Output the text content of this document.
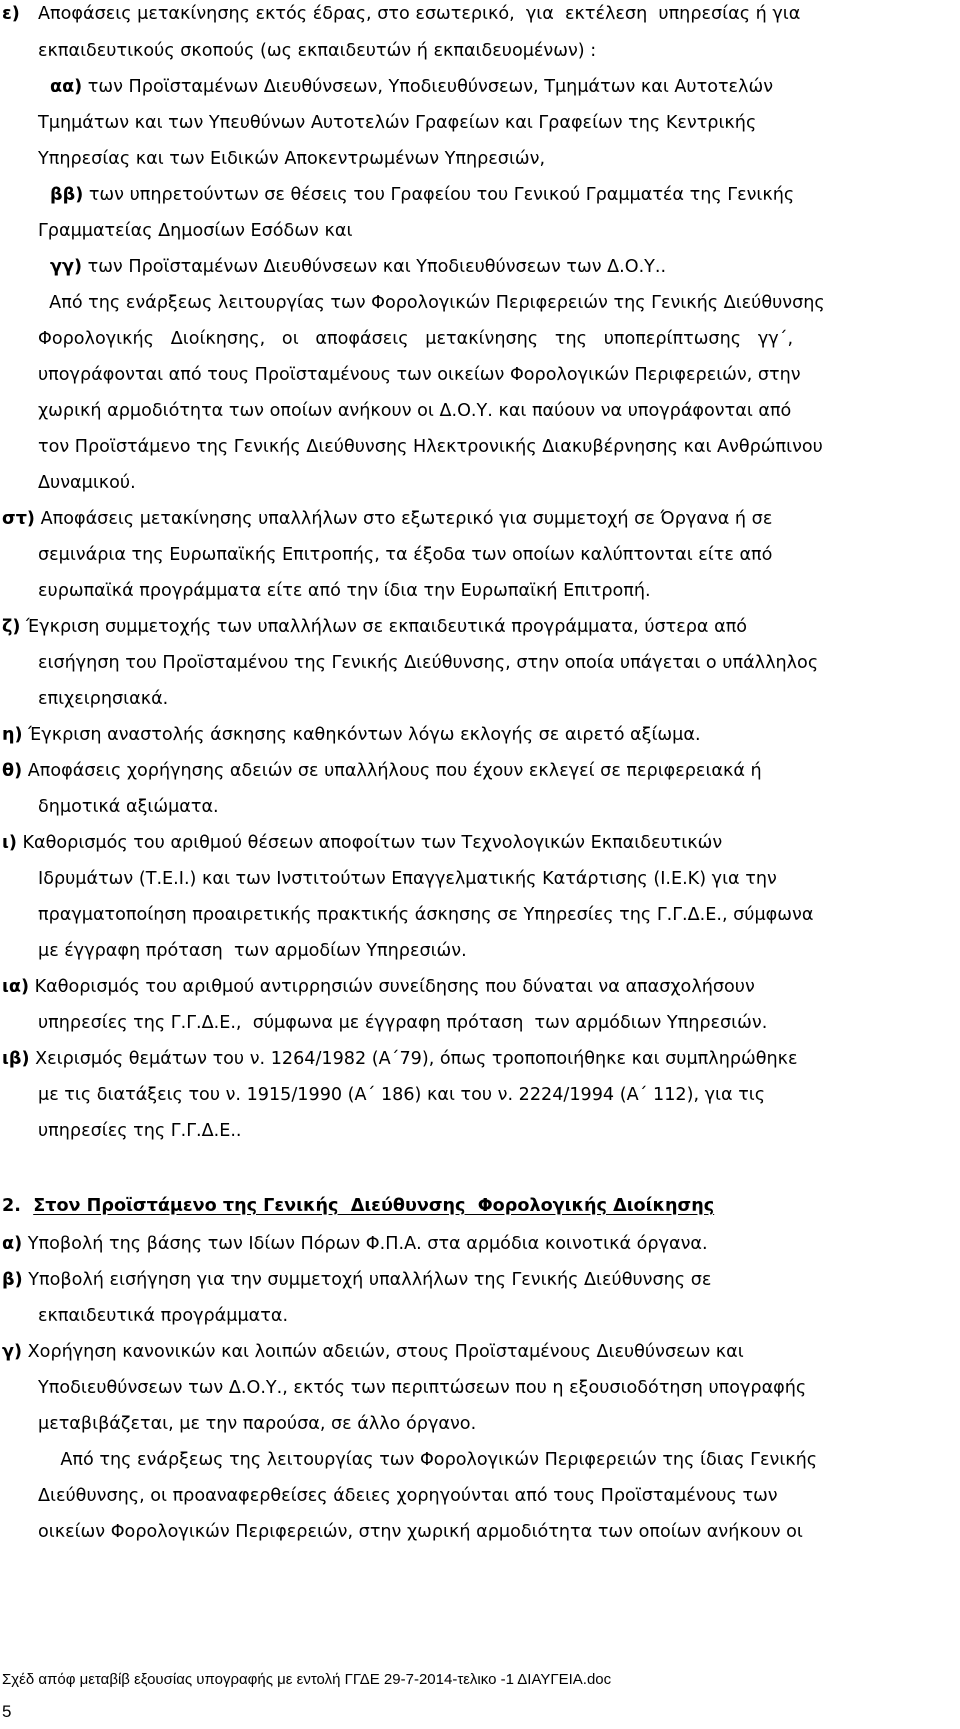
ε) Αποφάσεις μετακίνησης εκτός έδρας, στο εσωτερικό,  για  εκτέλεση  υπηρεσίας ή για
εκπαιδευτικούς σκοπούς (ως εκπαιδευτών ή εκπαιδευομένων) :
αα) των Προϊσταμένων Διευθύνσεων, Υποδιευθύνσεων, Τμημάτων και Αυτοτελών
Τμημάτων και των Υπευθύνων Αυτοτελών Γραφείων και Γραφείων της Κεντρικής
Υπηρεσίας και των Ειδικών Αποκεντρωμένων Υπηρεσιών,
ββ) των υπηρετούντων σε θέσεις του Γραφείου του Γενικού Γραμματέα της Γενικής
Γραμματείας Δημοσίων Εσόδων και
γγ) των Προϊσταμένων Διευθύνσεων και Υποδιευθύνσεων των Δ.Ο.Υ..
Από της ενάρξεως λειτουργίας των Φορολογικών Περιφερειών της Γενικής Διεύθυνσης
Φορολογικής   Διοίκησης,   οι   αποφάσεις   μετακίνησης   της   υποπερίπτωσης   γγ΄,
υπογράφονται από τους Προϊσταμένους των οικείων Φορολογικών Περιφερειών, στην
χωρική αρμοδιότητα των οποίων ανήκουν οι Δ.Ο.Υ. και παύουν να υπογράφονται από
τον Προϊστάμενο της Γενικής Διεύθυνσης Ηλεκτρονικής Διακυβέρνησης και Ανθρώπινου
Δυναμικού.
στ) Αποφάσεις μετακίνησης υπαλλήλων στο εξωτερικό για συμμετοχή σε Όργανα ή σε
σεμινάρια της Ευρωπαϊκής Επιτροπής, τα έξοδα των οποίων καλύπτονται είτε από
ευρωπαϊκά προγράμματα είτε από την ίδια την Ευρωπαϊκή Επιτροπή.
ζ) Έγκριση συμμετοχής των υπαλλήλων σε εκπαιδευτικά προγράμματα, ύστερα από
εισήγηση του Προϊσταμένου της Γενικής Διεύθυνσης, στην οποία υπάγεται ο υπάλληλος
επιχειρησιακά.
η) Έγκριση αναστολής άσκησης καθηκόντων λόγω εκλογής σε αιρετό αξίωμα.
θ) Αποφάσεις χορήγησης αδειών σε υπαλλήλους που έχουν εκλεγεί σε περιφερειακά ή
δημοτικά αξιώματα.
ι) Καθορισμός του αριθμού θέσεων αποφοίτων των Τεχνολογικών Εκπαιδευτικών
Ιδρυμάτων (Τ.Ε.Ι.) και των Ινστιτούτων Επαγγελματικής Κατάρτισης (Ι.Ε.Κ) για την
πραγματοποίηση προαιρετικής πρακτικής άσκησης σε Υπηρεσίες της Γ.Γ.Δ.Ε., σύμφωνα
με έγγραφη πρόταση  των αρμοδίων Υπηρεσιών.
ια) Καθορισμός του αριθμού αντιρρησιών συνείδησης που δύναται να απασχολήσουν
υπηρεσίες της Γ.Γ.Δ.Ε.,  σύμφωνα με έγγραφη πρόταση  των αρμόδιων Υπηρεσιών.
ιβ) Χειρισμός θεμάτων του ν. 1264/1982 (Α΄79), όπως τροποποιήθηκε και συμπληρώθηκε
με τις διατάξεις του ν. 1915/1990 (Α΄ 186) και του ν. 2224/1994 (Α΄ 112), για τις
υπηρεσίες της Γ.Γ.Δ.Ε..
2. Στον Προϊστάμενο της Γενικής  Διεύθυνσης  Φορολογικής Διοίκησης
α) Υποβολή της βάσης των Ιδίων Πόρων Φ.Π.Α. στα αρμόδια κοινοτικά όργανα.
β) Υποβολή εισήγηση για την συμμετοχή υπαλλήλων της Γενικής Διεύθυνσης σε
εκπαιδευτικά προγράμματα.
γ) Χορήγηση κανονικών και λοιπών αδειών, στους Προϊσταμένους Διευθύνσεων και
Υποδιευθύνσεων των Δ.Ο.Υ., εκτός των περιπτώσεων που η εξουσιοδότηση υπογραφής
μεταβιβάζεται, με την παρούσα, σε άλλο όργανο.
Από της ενάρξεως της λειτουργίας των Φορολογικών Περιφερειών της ίδιας Γενικής
Διεύθυνσης, οι προαναφερθείσες άδειες χορηγούνται από τους Προϊσταμένους των
οικείων Φορολογικών Περιφερειών, στην χωρική αρμοδιότητα των οποίων ανήκουν οι
Σχέδ απόφ μεταβίβ εξουσίας υπογραφής με εντολή ΓΓΔΕ 29-7-2014-τελικο -1 ΔΙΑΥΓΕΙΑ.doc
5
